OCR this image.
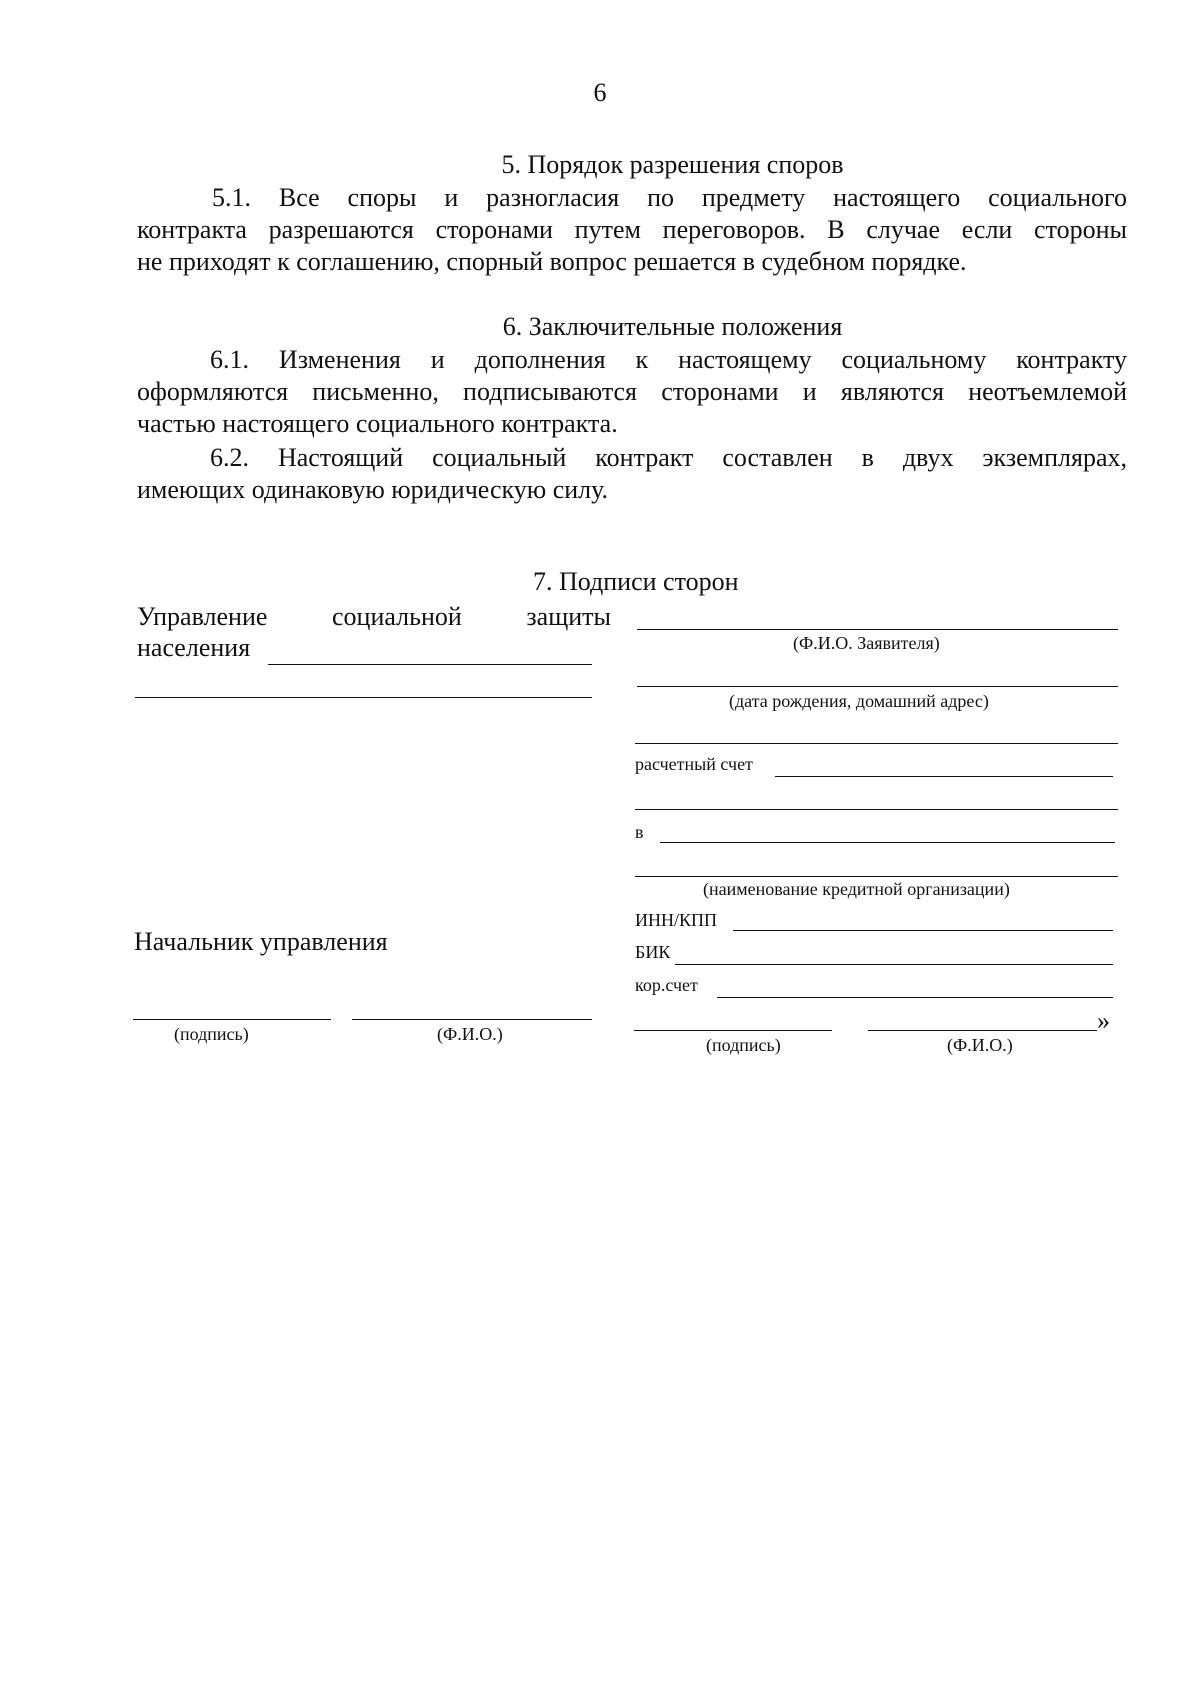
6
5. Порядок разрешения споров
5.1. Все споры и разногласия по предмету настоящего социального
контракта разрешаются сторонами путем переговоров. В случае если стороны
не приходят к соглашению, спорный вопрос решается в судебном порядке.
6. Заключительные положения
6.1. Изменения и дополнения к настоящему социальному контракту
оформляются письменно, подписываются сторонами и являются неотъемлемой
частью настоящего социального контракта.
6.2. Настоящий социальный контракт составлен в двух экземплярах,
имеющих одинаковую юридическую силу.
7. Подписи сторон
Управление социальной защиты
населения
Начальник управления
(подпись)	(Ф.И.О.)
(Ф.И.О. Заявителя)
(дата рождения, домашний адрес)
расчетный счет
в
(наименование кредитной организации)
ИНН/КПП
БИК
кор.счет
»
(подпись)	(Ф.И.О.)
